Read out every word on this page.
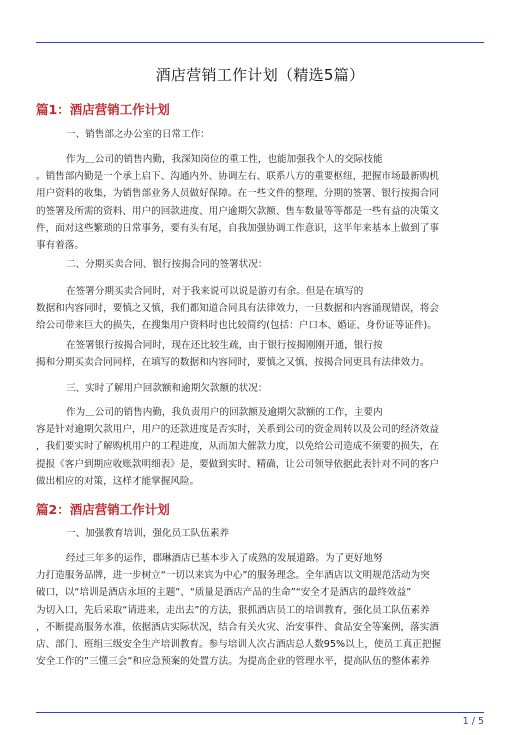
酒店营销工作计划（精选5篇）
篇1：酒店营销工作计划
一、销售部之办公室的日常工作：
作为＿公司的销售内勤，我深知岗位的重工性，也能加强我个人的交际技能
。销售部内勤是一个承上启下、沟通内外、协调左右、联系八方的重要枢纽，把握市场最新购机
用户资料的收集，为销售部业务人员做好保障。在一些文件的整理、分期的签署、银行按揭合同
的签署及所需的资料、用户的回款进度、用户逾期欠款额、售车数量等等都是一些有益的决策文
件，面对这些繁琐的日常事务，要有头有尾，自我加强协调工作意识，这半年来基本上做到了事
事有着落。
二、分期买卖合同、银行按揭合同的签署状况：
在签署分期买卖合同时，对于我来说可以说是游刃有余。但是在填写的
数据和内容同时，要慎之又慎，我们都知道合同具有法律效力，一旦数据和内容涌现错误，将会
给公司带来巨大的损失，在搜集用户资料时也比较简约(包括：户口本、婚证、身份证等证件)。
在签署银行按揭合同时，现在还比较生疏，由于银行按揭刚刚开通，银行按
揭和分期买卖合同同样，在填写的数据和内容同时，要慎之又慎，按揭合同更具有法律效力。
三、实时了解用户回款额和逾期欠款额的状况：
作为＿公司的销售内勤，我负责用户的回款额及逾期欠款额的工作，主要内
容是针对逾期欠款用户，用户的还款进度是否实时，关系到公司的资金周转以及公司的经济效益
，我们要实时了解购机用户的工程进度，从而加大催款力度，以免给公司造成不须要的损失，在
提报《客户到期应收账款明细表》是，要做到实时、精确，让公司领导依据此表针对不同的客户
做出相应的对策，这样才能掌握风险。
篇2：酒店营销工作计划
一、加强教育培训，强化员工队伍素养
经过三年多的运作，郡琳酒店已基本步入了成熟的发展道路。为了更好地努
力打造服务品牌，进一步树立“一切以来宾为中心”的服务理念。全年酒店以文明规范活动为突
破口，以“培训是酒店永垣的主题”、“质量是酒店产品的生命”“安全才是酒店的最终效益”
为切入口，先后采取“请进来，走出去”的方法，狠抓酒店员工的培训教育，强化员工队伍素养
，不断提高服务水准，依据酒店实际状况，结合有关火灾、治安事件、食品安全等案例，落实酒
店、部门、班组三级安全生产培训教育。参与培训人次占酒店总人数95%以上，使员工真正把握
安全工作的”三懂三会”和应急预案的处置方法。为提高企业的管理水平，提高队伍的整体素养
1 / 5
